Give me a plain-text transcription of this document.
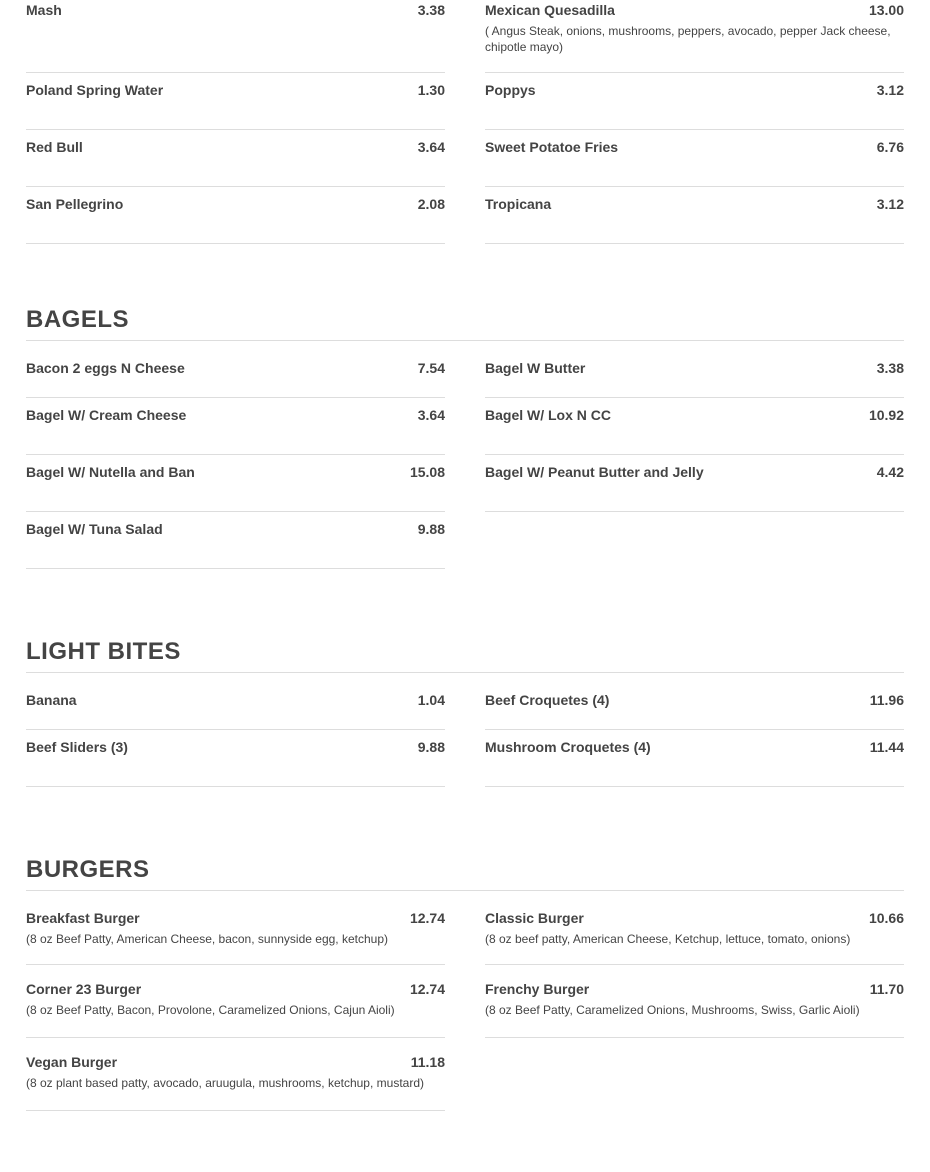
Mash	3.38
Poland Spring Water	1.30
Red Bull	3.64
San Pellegrino	2.08
Mexican Quesadilla	13.00
( Angus Steak, onions, mushrooms, peppers, avocado, pepper Jack cheese, chipotle mayo)
Poppys	3.12
Sweet Potatoe Fries	6.76
Tropicana	3.12
BAGELS
Bacon 2 eggs N Cheese	7.54
Bagel W/ Cream Cheese	3.64
Bagel W/ Nutella and Ban	15.08
Bagel W/ Tuna Salad	9.88
Bagel W Butter	3.38
Bagel W/ Lox N CC	10.92
Bagel W/ Peanut Butter and Jelly	4.42
LIGHT BITES
Banana	1.04
Beef Sliders (3)	9.88
Beef Croquetes (4)	11.96
Mushroom Croquetes (4)	11.44
BURGERS
Breakfast Burger	12.74
(8 oz Beef Patty, American Cheese, bacon, sunnyside egg, ketchup)
Corner 23 Burger	12.74
(8 oz Beef Patty, Bacon, Provolone, Caramelized Onions, Cajun Aioli)
Vegan Burger	11.18
(8 oz plant based patty, avocado, aruugula, mushrooms, ketchup, mustard)
Classic Burger	10.66
(8 oz beef patty, American Cheese, Ketchup, lettuce, tomato, onions)
Frenchy Burger	11.70
(8 oz Beef Patty, Caramelized Onions, Mushrooms, Swiss, Garlic Aioli)
